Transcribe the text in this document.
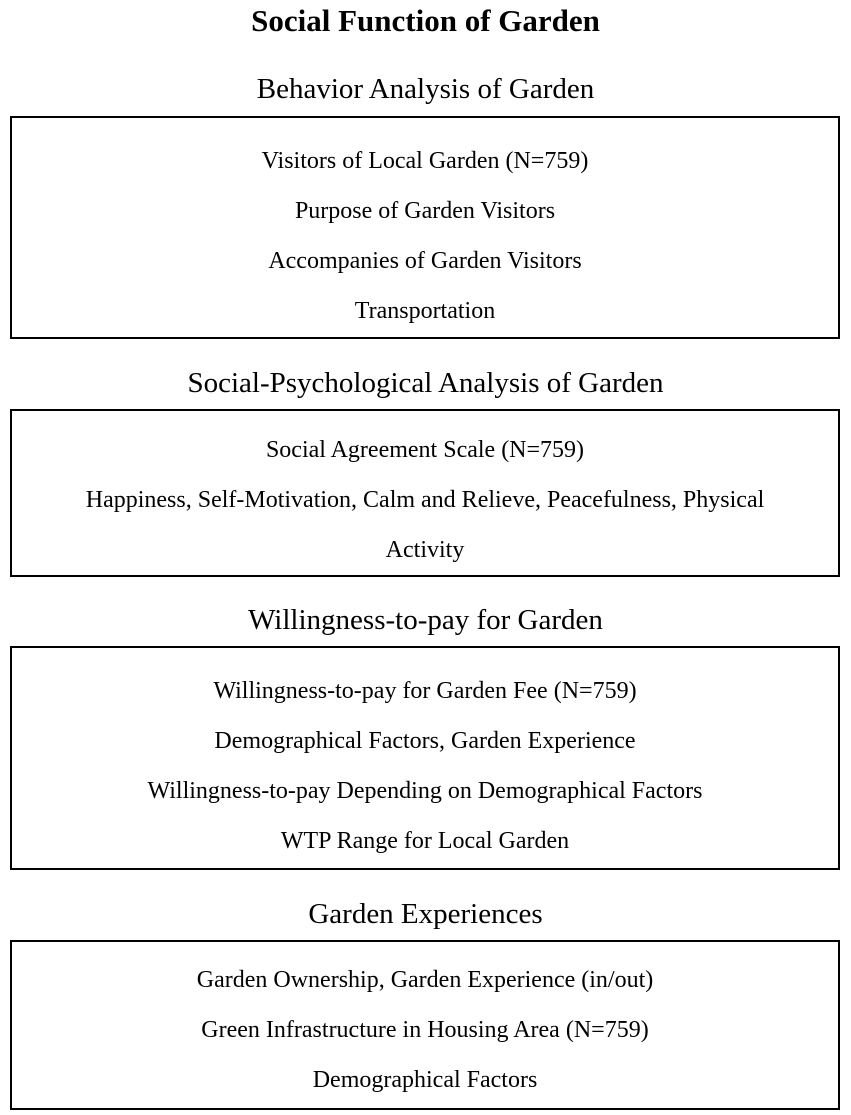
Social Function of Garden
Behavior Analysis of Garden
Visitors of Local Garden (N=759)
Purpose of Garden Visitors
Accompanies of Garden Visitors
Transportation
Social-Psychological Analysis of Garden
Social Agreement Scale (N=759)
Happiness, Self-Motivation, Calm and Relieve, Peacefulness, Physical
Activity
Willingness-to-pay for Garden
Willingness-to-pay for Garden Fee (N=759)
Demographical Factors, Garden Experience
Willingness-to-pay Depending on Demographical Factors
WTP Range for Local Garden
Garden Experiences
Garden Ownership, Garden Experience (in/out)
Green Infrastructure in Housing Area (N=759)
Demographical Factors
